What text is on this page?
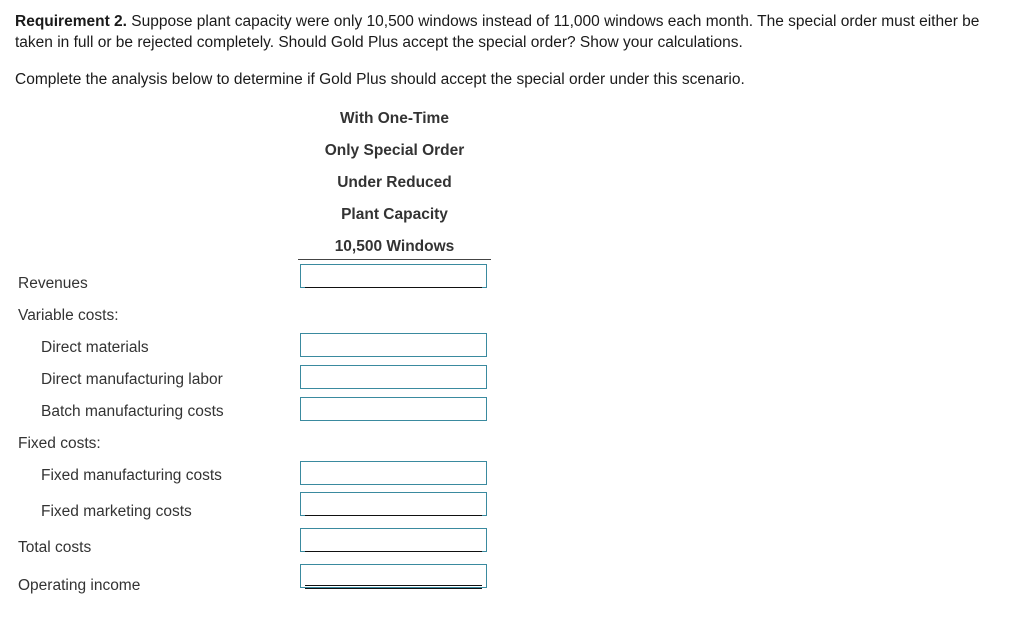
Requirement 2. Suppose plant capacity were only 10,500 windows instead of 11,000 windows each month. The special order must either be taken in full or be rejected completely. Should Gold Plus accept the special order? Show your calculations.
Complete the analysis below to determine if Gold Plus should accept the special order under this scenario.
With One-Time
Only Special Order
Under Reduced
Plant Capacity
10,500 Windows
Revenues
Variable costs:
Direct materials
Direct manufacturing labor
Batch manufacturing costs
Fixed costs:
Fixed manufacturing costs
Fixed marketing costs
Total costs
Operating income
